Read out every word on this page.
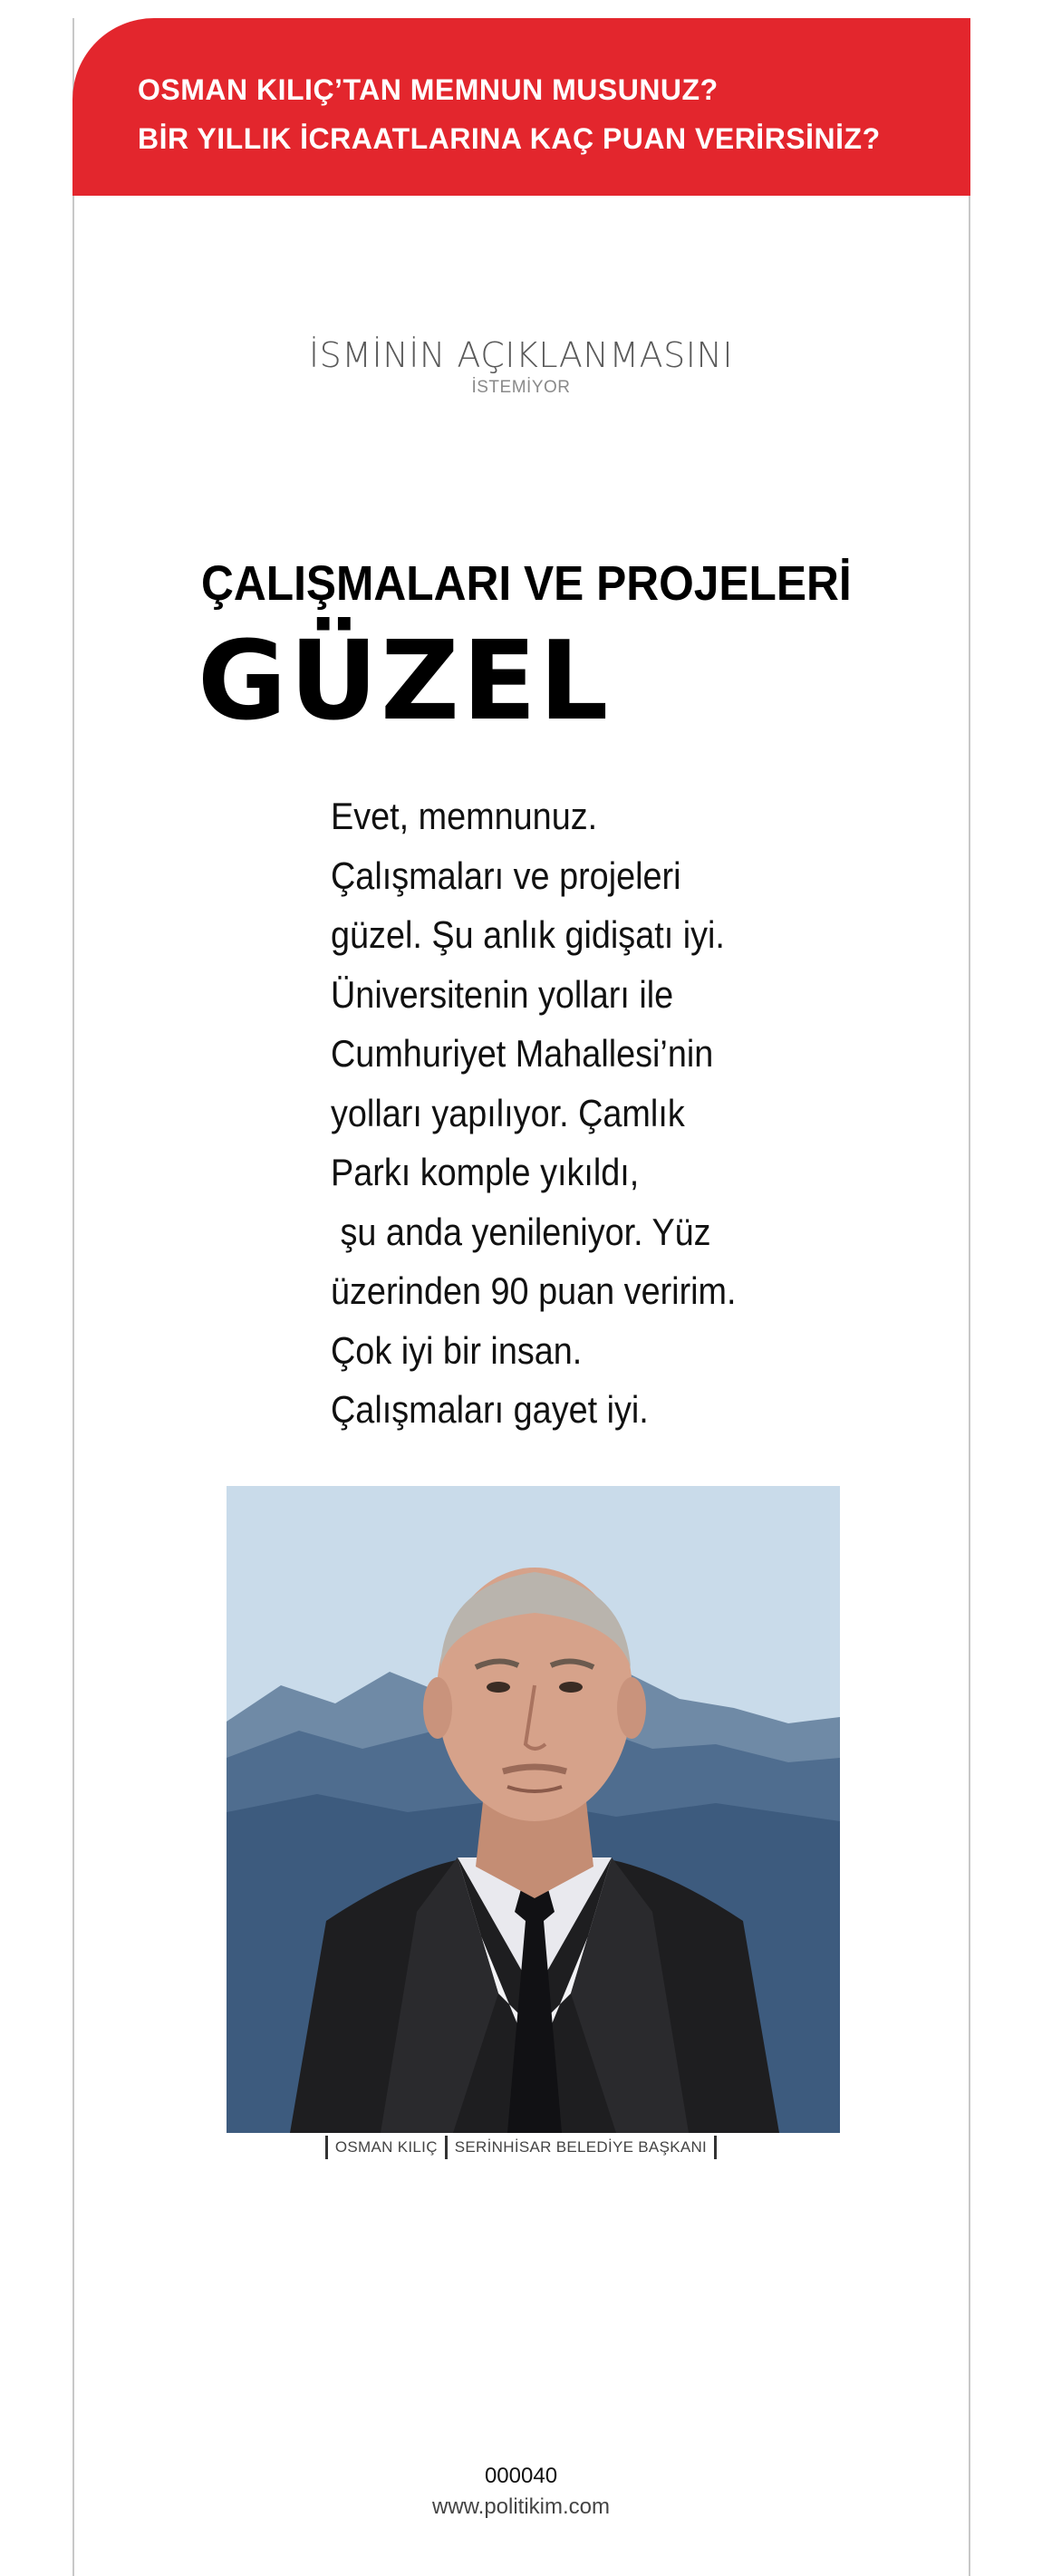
OSMAN KILIÇ’TAN MEMNUN MUSUNUZ?
BİR YILLIK İCRAATLARINA KAÇ PUAN VERİRSİNİZ?
İSMİNİN AÇIKLANMASINI
İSTEMİYOR
ÇALIŞMALARI VE PROJELERİ
GÜZEL
Evet, memnunuz.
Çalışmaları ve projeleri
güzel. Şu anlık gidişatı iyi.
Üniversitenin yolları ile
Cumhuriyet Mahallesi’nin
yolları yapılıyor. Çamlık
Parkı komple yıkıldı,
şu anda yenileniyor. Yüz
üzerinden 90 puan veririm.
Çok iyi bir insan.
Çalışmaları gayet iyi.
OSMAN KILIÇ SERİNHİSAR BELEDİYE BAŞKANI
000040
www.politikim.com
